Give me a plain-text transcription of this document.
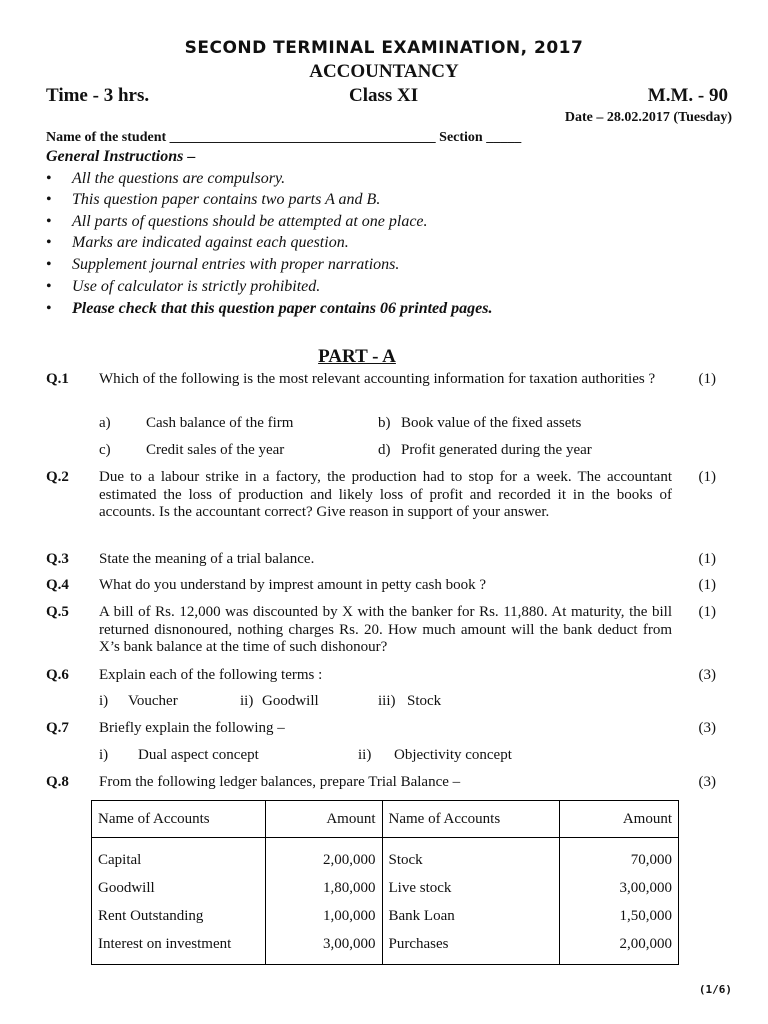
SECOND TERMINAL EXAMINATION, 2017
ACCOUNTANCY
Time - 3 hrs.	Class XI	M.M. - 90
Date – 28.02.2017 (Tuesday)
Name of the student ______________________________________ Section _____
General Instructions –
• All the questions are compulsory.
• This question paper contains two parts A and B.
• All parts of questions should be attempted at one place.
• Marks are indicated against each question.
• Supplement journal entries with proper narrations.
• Use of calculator is strictly prohibited.
• Please check that this question paper contains 06 printed pages.
PART - A
Q.1 Which of the following is the most relevant accounting information for taxation authorities ?	(1)
a) Cash balance of the firm	b) Book value of the fixed assets
c) Credit sales of the year	d) Profit generated during the year
Q.2 Due to a labour strike in a factory, the production had to stop for a week. The accountant estimated the loss of production and likely loss of profit and recorded it in the books of accounts. Is the accountant correct? Give reason in support of your answer.
(1)
Q.3 State the meaning of a trial balance.	(1)
Q.4 What do you understand by imprest amount in petty cash book ?	(1)
Q.5 A bill of Rs. 12,000 was discounted by X with the banker for Rs. 11,880. At maturity, the bill returned disnonoured, nothing charges Rs. 20. How much amount will the bank deduct from X’s bank balance at the time of such dishonour?
(1)
Q.6 Explain each of the following terms :	(3)
i) Voucher	ii) Goodwill	iii) Stock
Q.7 Briefly explain the following –	(3)
i) Dual aspect concept	ii) Objectivity concept
Q.8 From the following ledger balances, prepare Trial Balance –	(3)
Name of Accounts	Amount	Name of Accounts	Amount
Capital	2,00,000	Stock	70,000
Goodwill	1,80,000	Live stock	3,00,000
Rent Outstanding	1,00,000	Bank Loan	1,50,000
Interest on investment	3,00,000	Purchases	2,00,000
(1/6)
